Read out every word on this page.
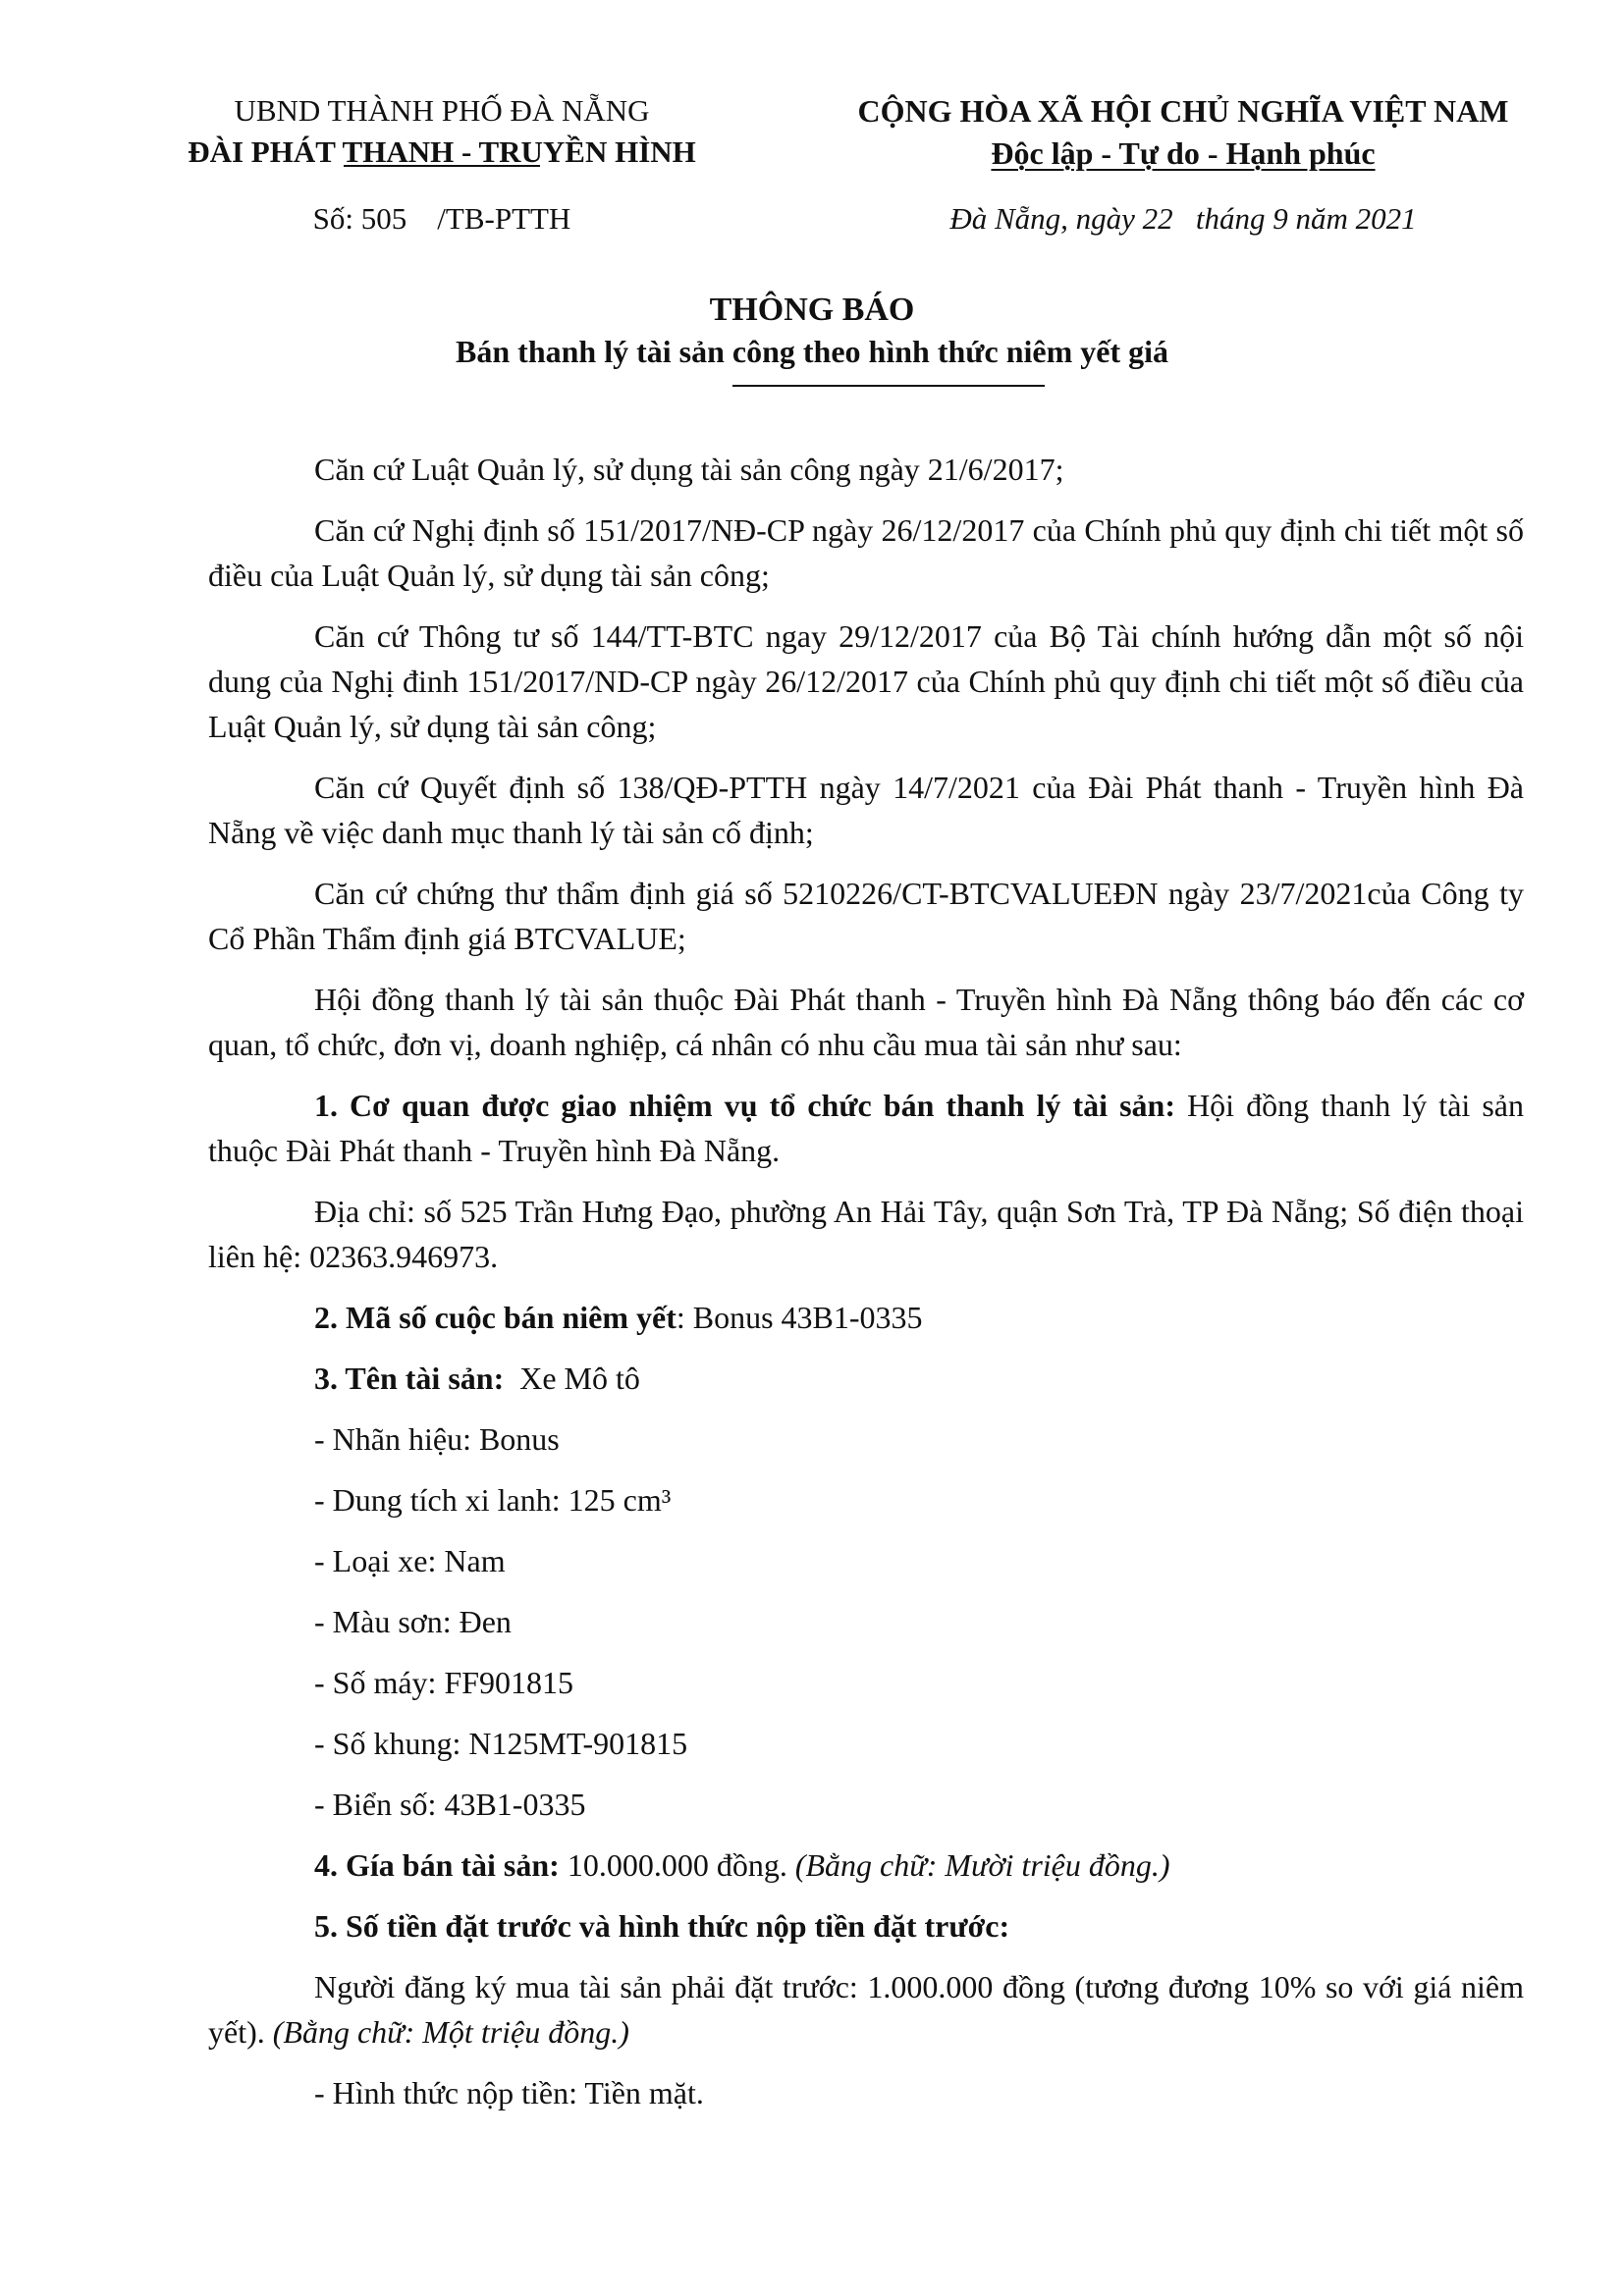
UBND THÀNH PHỐ ĐÀ NẴNG
ĐÀI PHÁT THANH - TRUYỀN HÌNH
Số: 505    /TB-PTTH
CỘNG HÒA XÃ HỘI CHỦ NGHĨA VIỆT NAM
Độc lập - Tự do - Hạnh phúc
Đà Nẵng, ngày 22   tháng 9 năm 2021
THÔNG BÁO
Bán thanh lý tài sản công theo hình thức niêm yết giá

Căn cứ Luật Quản lý, sử dụng tài sản công ngày 21/6/2017;

Căn cứ Nghị định số 151/2017/NĐ-CP ngày 26/12/2017 của Chính phủ quy định chi tiết một số điều của Luật Quản lý, sử dụng tài sản công;

Căn cứ Thông tư số 144/TT-BTC ngay 29/12/2017 của Bộ Tài chính hướng dẫn một số nội dung của Nghị đinh 151/2017/ND-CP ngày 26/12/2017 của Chính phủ quy định chi tiết một số điều của Luật Quản lý, sử dụng tài sản công;

Căn cứ Quyết định số 138/QĐ-PTTH ngày 14/7/2021 của Đài Phát thanh - Truyền hình Đà Nẵng về việc danh mục thanh lý tài sản cố định;

Căn cứ chứng thư thẩm định giá số 5210226/CT-BTCVALUEĐN ngày 23/7/2021của Công ty Cổ Phần Thẩm định giá BTCVALUE;

Hội đồng thanh lý tài sản thuộc Đài Phát thanh - Truyền hình Đà Nẵng thông báo đến các cơ quan, tổ chức, đơn vị, doanh nghiệp, cá nhân có nhu cầu mua tài sản như sau:

1. Cơ quan được giao nhiệm vụ tổ chức bán thanh lý tài sản: Hội đồng thanh lý tài sản thuộc Đài Phát thanh - Truyền hình Đà Nẵng.

Địa chỉ: số 525 Trần Hưng Đạo, phường An Hải Tây, quận Sơn Trà, TP Đà Nẵng; Số điện thoại liên hệ: 02363.946973.

2. Mã số cuộc bán niêm yết: Bonus 43B1-0335

3. Tên tài sản:  Xe Mô tô

- Nhãn hiệu: Bonus

- Dung tích xi lanh: 125 cm³

- Loại xe: Nam

- Màu sơn: Đen

- Số máy: FF901815

- Số khung: N125MT-901815

- Biển số: 43B1-0335

4. Gía bán tài sản: 10.000.000 đồng. (Bằng chữ: Mười triệu đồng.)

5. Số tiền đặt trước và hình thức nộp tiền đặt trước:

Người đăng ký mua tài sản phải đặt trước: 1.000.000 đồng (tương đương 10% so với giá niêm yết). (Bằng chữ: Một triệu đồng.)

- Hình thức nộp tiền: Tiền mặt.
